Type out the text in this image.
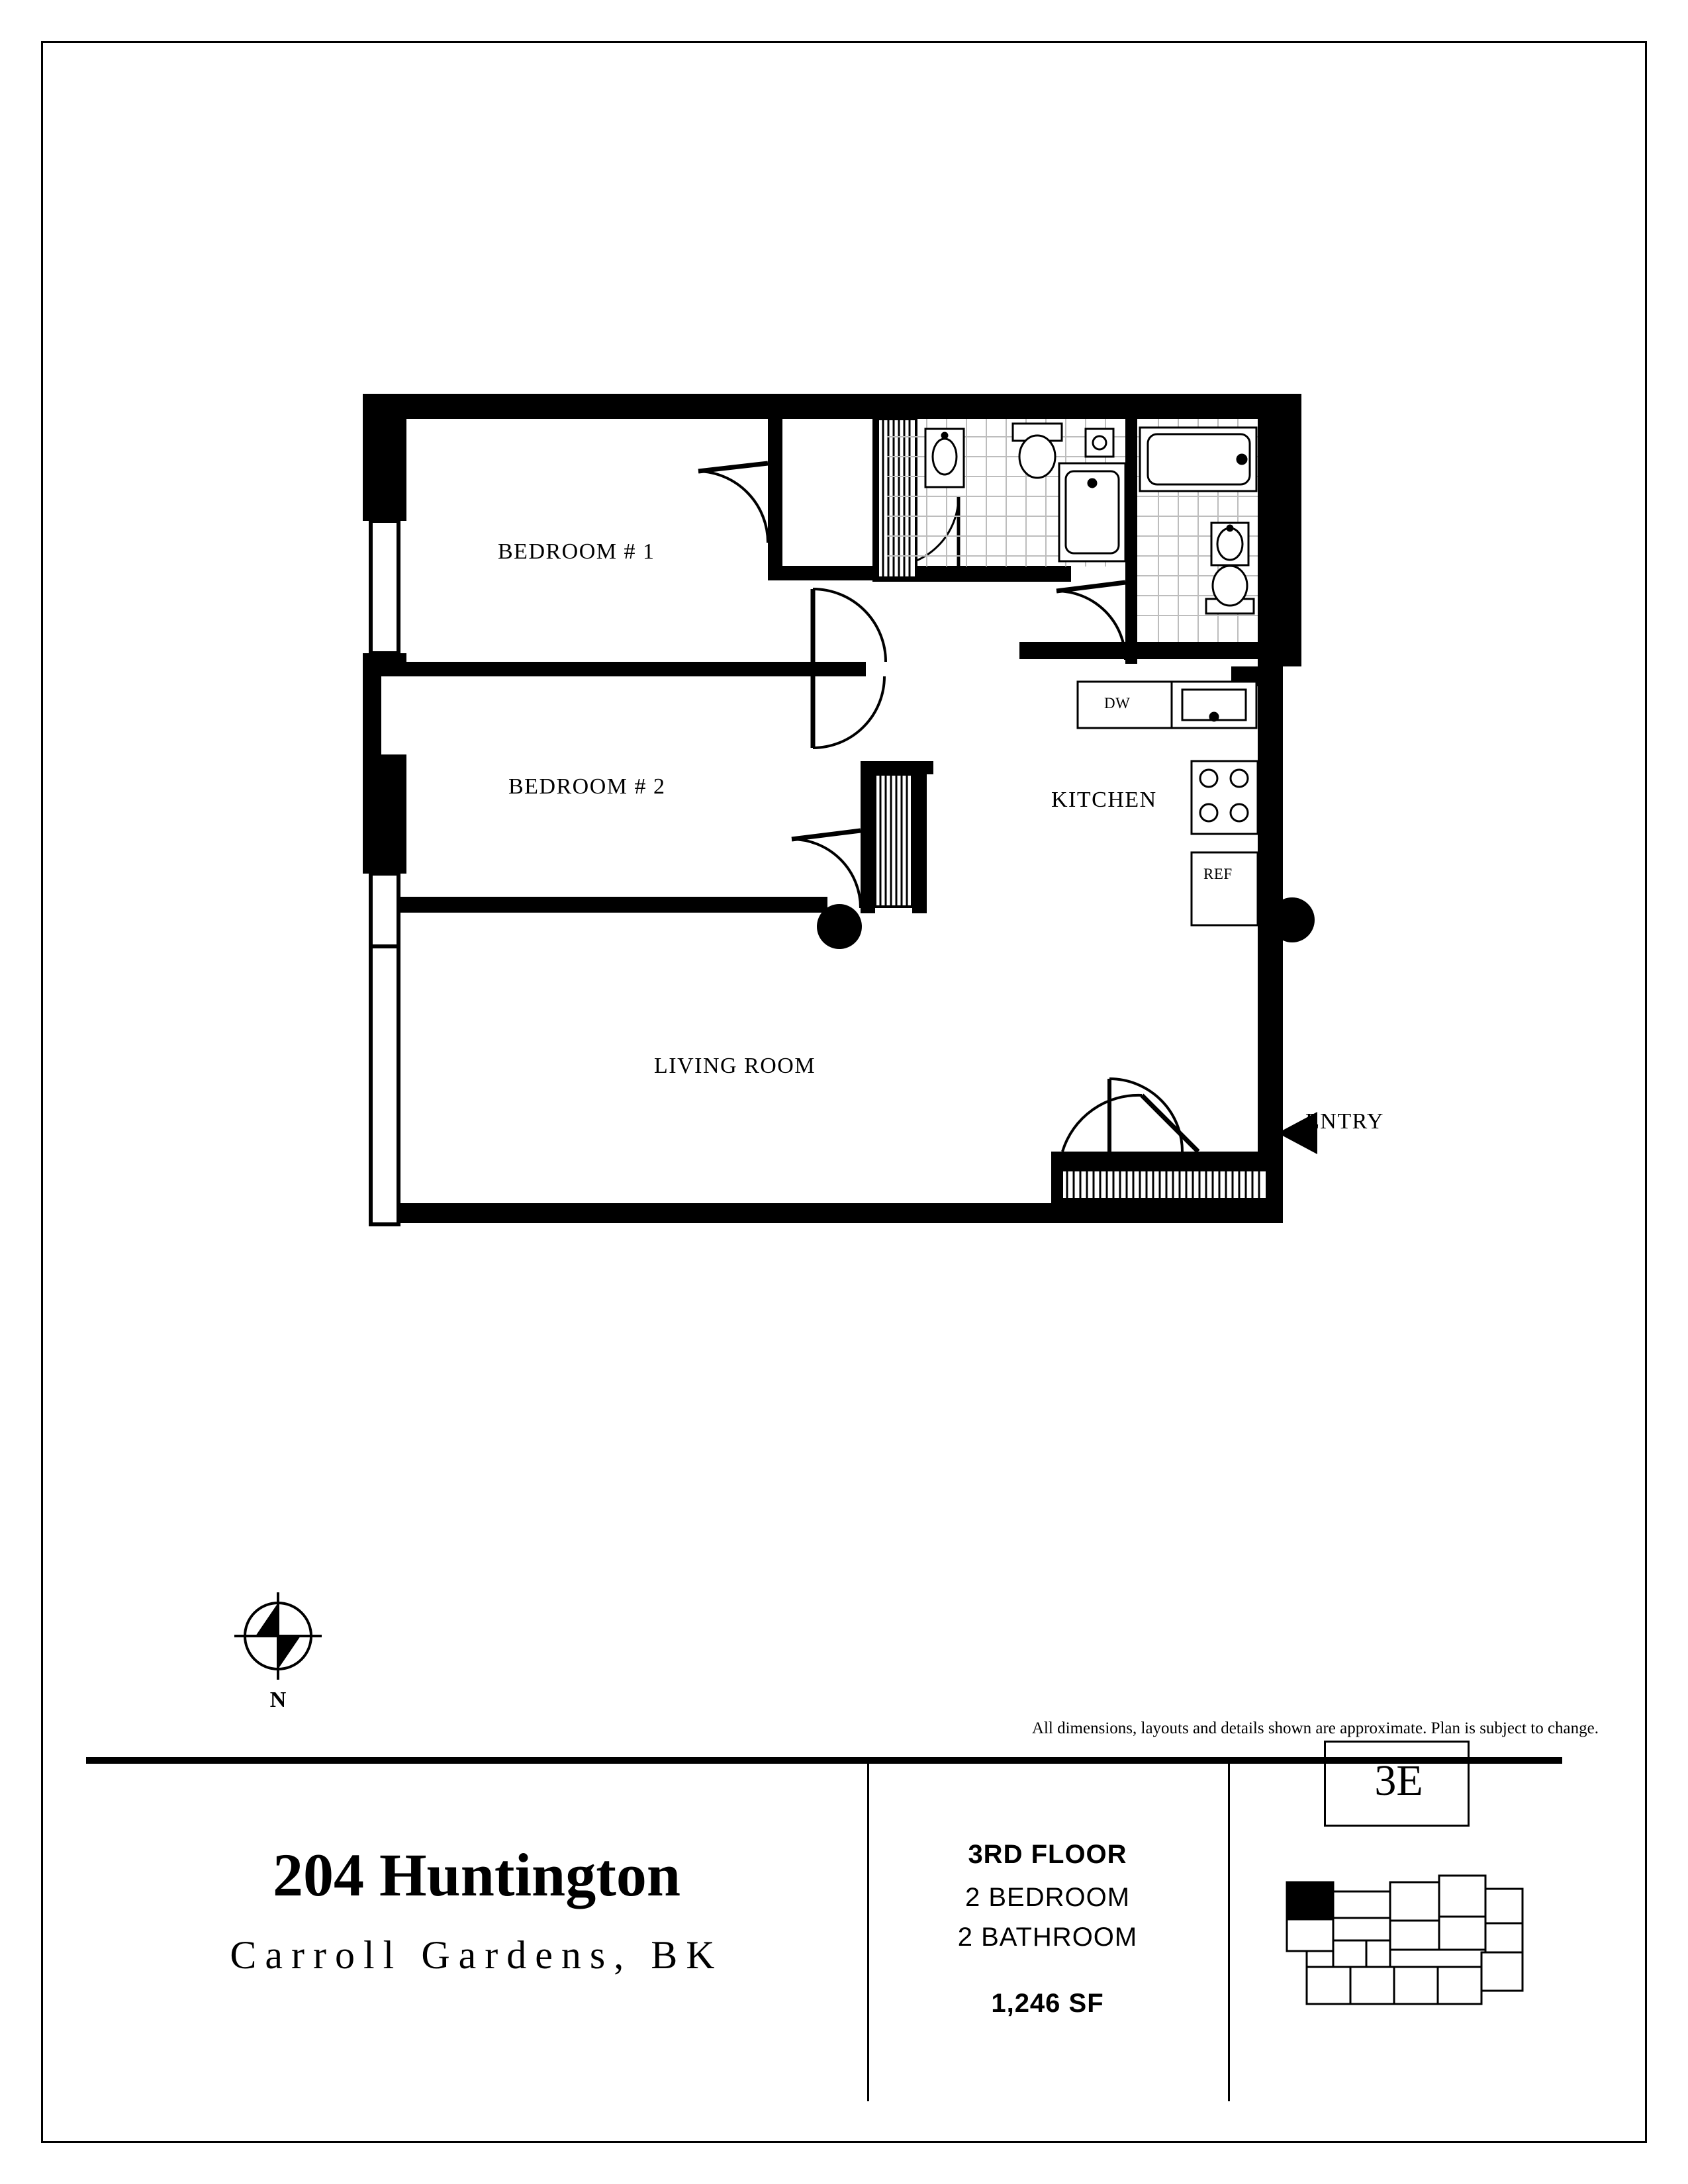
BEDROOM # 1
BEDROOM # 2
KITCHEN
LIVING ROOM
ENTRY
DW
REF
N
All dimensions, layouts and details shown are approximate. Plan is subject to change.
204 Huntington
Carroll Gardens, BK
3RD FLOOR
2 BEDROOM
2 BATHROOM
1,246 SF
3E
